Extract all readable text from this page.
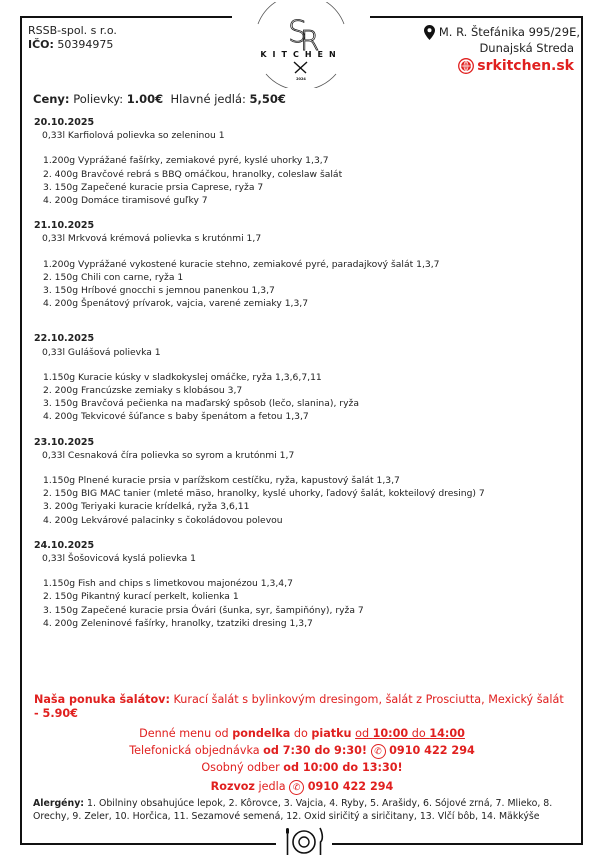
S
R
KITCHEN
2024
RSSB-spol. s r.o.
IČO: 50394975
M. R. Štefánika 995/29E,
Dunajská Streda
srkitchen.sk
Ceny: Polievky: 1.00€ Hlavné jedlá: 5,50€
20.10.2025
0,33l Karfiolová polievka so zeleninou 1
1.200g Vyprážané fašírky, zemiakové pyré, kyslé uhorky 1,3,7
2. 400g Bravčové rebrá s BBQ omáčkou, hranolky, coleslaw šalát
3. 150g Zapečené kuracie prsia Caprese, ryža 7
4. 200g Domáce tiramisové guľky 7
21.10.2025
0,33l Mrkvová krémová polievka s krutónmi 1,7
1.200g Vyprážané vykostené kuracie stehno, zemiakové pyré, paradajkový šalát 1,3,7
2. 150g Chili con carne, ryža 1
3. 150g Hríbové gnocchi s jemnou panenkou 1,3,7
4. 200g Špenátový prívarok, vajcia, varené zemiaky 1,3,7
22.10.2025
0,33l Gulášová polievka 1
1.150g Kuracie kúsky v sladkokyslej omáčke, ryža 1,3,6,7,11
2. 200g Francúzske zemiaky s klobásou 3,7
3. 150g Bravčová pečienka na maďarský spôsob (lečo, slanina), ryža
4. 200g Tekvicové šúľance s baby špenátom a fetou 1,3,7
23.10.2025
0,33l Cesnaková číra polievka so syrom a krutónmi 1,7
1.150g Plnené kuracie prsia v parížskom cestíčku, ryža, kapustový šalát 1,3,7
2. 150g BIG MAC tanier (mleté mäso, hranolky, kyslé uhorky, ľadový šalát, kokteilový dresing) 7
3. 200g Teriyaki kuracie krídelká, ryža 3,6,11
4. 200g Lekvárové palacinky s čokoládovou polevou
24.10.2025
0,33l Šošovicová kyslá polievka 1
1.150g Fish and chips s limetkovou majonézou 1,3,4,7
2. 150g Pikantný kurací perkelt, kolienka 1
3. 150g Zapečené kuracie prsia Óvári (šunka, syr, šampiňóny), ryža 7
4. 200g Zeleninové fašírky, hranolky, tzatziki dresing 1,3,7
Naša ponuka šalátov: Kurací šalát s bylinkovým dresingom, šalát z Prosciutta, Mexický šalát - 5.90€
Denné menu od pondelka do piatku od 10:00 do 14:00
Telefonická objednávka od 7:30 do 9:30! ✆ 0910 422 294
Osobný odber od 10:00 do 13:30!
Rozvoz jedla ✆ 0910 422 294
Alergény: 1. Obilniny obsahujúce lepok, 2. Kôrovce, 3. Vajcia, 4. Ryby, 5. Arašidy, 6. Sójové zrná, 7. Mlieko, 8. Orechy, 9. Zeler, 10. Horčica, 11. Sezamové semená, 12. Oxid siričitý a siričitany, 13. Vlčí bôb, 14. Mäkkýše
